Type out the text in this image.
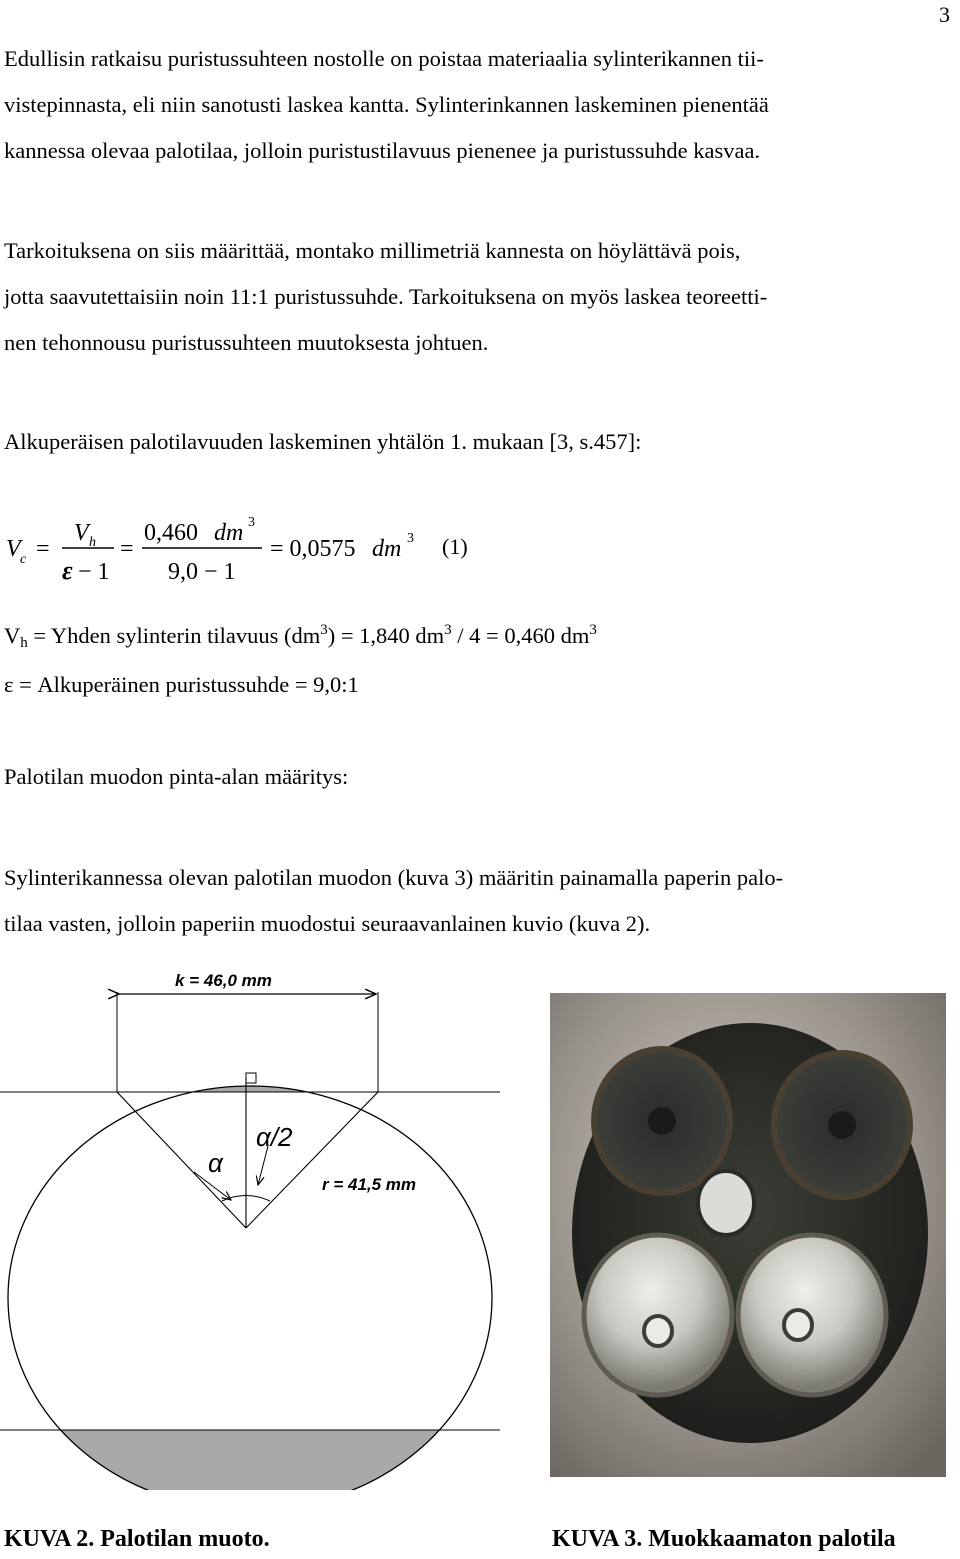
3

Edullisin ratkaisu puristussuhteen nostolle on poistaa materiaalia sylinterikannen tii-
vistepinnasta, eli niin sanotusti laskea kantta. Sylinterinkannen laskeminen pienentää
kannessa olevaa palotilaa, jolloin puristustilavuus pienenee ja puristussuhde kasvaa.

Tarkoituksena on siis määrittää, montako millimetriä kannesta on höylättävä pois,
jotta saavutettaisiin noin 11:1 puristussuhde. Tarkoituksena on myös laskea teoreetti-
nen tehonnousu puristussuhteen muutoksesta johtuen.

Alkuperäisen palotilavuuden laskeminen yhtälön 1. mukaan [3, s.457]:

V c =
V h
ε − 1
=
0,460 dm 3
9,0 − 1
= 0,0575 dm 3 (1)
$V_h$ = Yhden sylinterin tilavuus $(dm^3) = 1,840$ $dm^3 / 4 = 0,460$ $dm^3$
ε = Alkuperäinen puristussuhde = 9,0:1
Palotilan muodon pinta-alan määritys:

Sylinterikannessa olevan palotilan muodon (kuva 3) määritin painamalla paperin palo-
tilaa vasten, jolloin paperiin muodostui seuraavanlainen kuvio (kuva 2).

k = 46,0 mm
α/2
α
r = 41,5 mm
KUVA 2. Palotilan muoto.	KUVA 3. Muokkaamaton palotila
